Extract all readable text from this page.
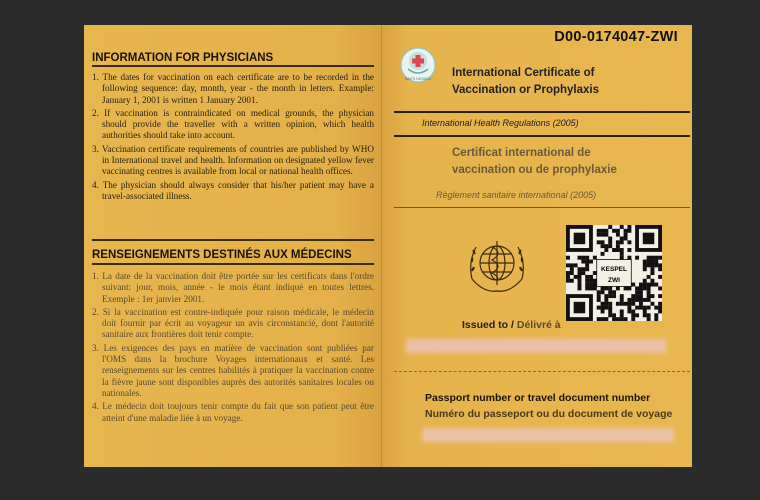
INFORMATION FOR PHYSICIANS
1. The dates for vaccination on each certificate are to be recorded in the following sequence: day, month, year - the month in letters. Example: January 1, 2001 is written 1 January 2001.
2. If vaccination is contraindicated on medical grounds, the physician should provide the traveller with a written opinion, which health authorities should take into account.
3. Vaccination certificate requirements of countries are published by WHO in International travel and health. Information on designated yellow fever vaccinating centres is available from local or national health offices.
4. The physician should always consider that his/her patient may have a travel-associated illness.
RENSEIGNEMENTS DESTINÉS AUX MÉDECINS
1. La date de la vaccination doit être portée sur les certificats dans l'ordre suivant: jour, mois, année - le mois étant indiqué en toutes lettres. Exemple : 1er janvier 2001.
2. Si la vaccination est contre-indiquée pour raison médicale, le médecin doit fournir par écrit au voyageur un avis circonstancié, dont l'autorité sanitaire aux frontières doit tenir compte.
3. Les exigences des pays en matière de vaccination sont publiées par l'OMS dans la brochure Voyages internationaux et santé. Les renseignements sur les centres habilités à pratiquer la vaccination contre la fièvre jaune sont disponibles auprès des autorités sanitaires locales ou nationales.
4. Le médecin doit toujours tenir compte du fait que son patient peut être atteint d'une maladie liée à un voyage.
D00-0174047-ZWI
BAKTI HUSADA International Certificate of
Vaccination or Prophylaxis
International Health Regulations (2005)
Certificat international de
vaccination ou de prophylaxie
Règlement sanitaire international (2005)
KESPEL
ZWI
Issued to / Délivré à
Passport number or travel document number
Numéro du passeport ou du document de voyage
